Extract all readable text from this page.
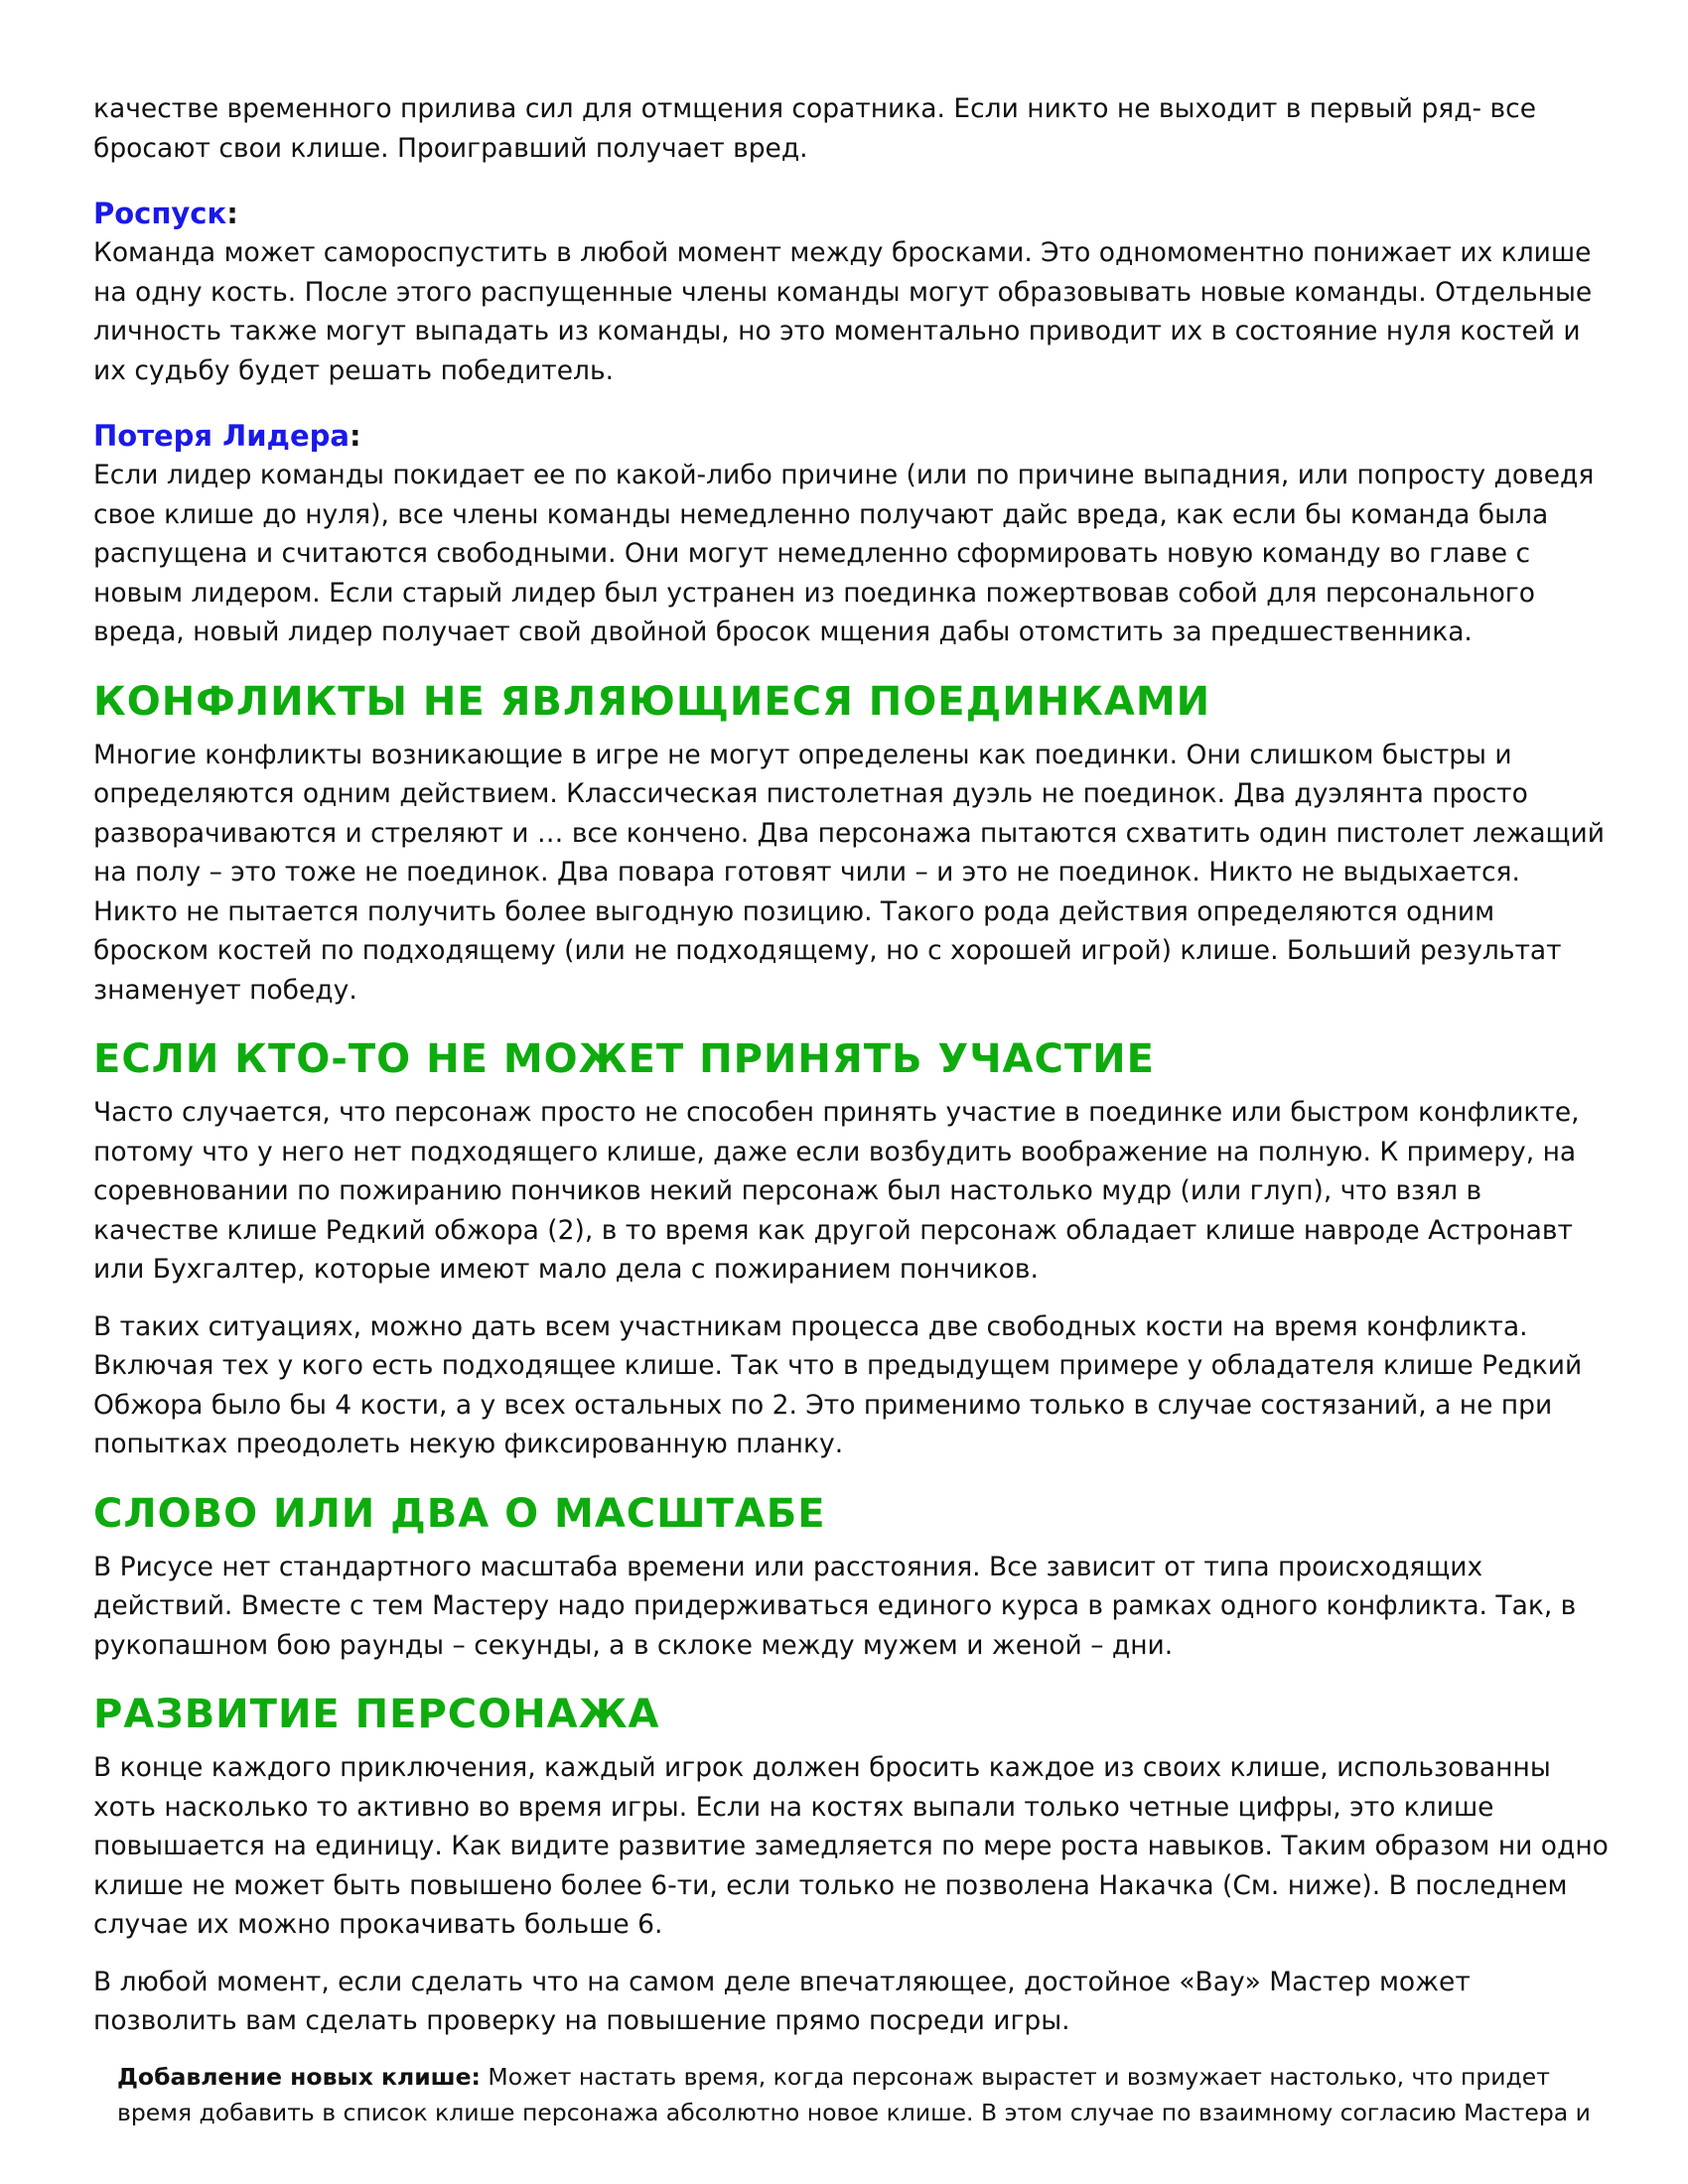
качестве временного прилива сил для отмщения соратника. Если никто не выходит в первый ряд- все бросают свои клише. Проигравший получает вред.

Роспуск:

Команда может самороспустить в любой момент между бросками. Это одномоментно понижает их клише на одну кость. После этого распущенные члены команды могут образовывать новые команды. Отдельные личность также могут выпадать из команды, но это моментально приводит их в состояние нуля костей и их судьбу будет решать победитель.

Потеря Лидера:

Если лидер команды покидает ее по какой-либо причине (или по причине выпадния, или попросту доведя свое клише до нуля), все члены команды немедленно получают дайс вреда, как если бы команда была распущена и считаются свободными. Они могут немедленно сформировать новую команду во главе с новым лидером. Если старый лидер был устранен из поединка пожертвовав собой для персонального вреда, новый лидер получает свой двойной бросок мщения дабы отомстить за предшественника.

КОНФЛИКТЫ НЕ ЯВЛЯЮЩИЕСЯ ПОЕДИНКАМИ

Многие конфликты возникающие в игре не могут определены как поединки. Они слишком быстры и определяются одним действием. Классическая пистолетная дуэль не поединок. Два дуэлянта просто разворачиваются и стреляют и … все кончено. Два персонажа пытаются схватить один пистолет лежащий на полу – это тоже не поединок. Два повара готовят чили – и это не поединок. Никто не выдыхается. Никто не пытается получить более выгодную позицию. Такого рода действия определяются одним броском костей по подходящему (или не подходящему, но с хорошей игрой) клише. Больший результат знаменует победу.

ЕСЛИ КТО-ТО НЕ МОЖЕТ ПРИНЯТЬ УЧАСТИЕ

Часто случается, что персонаж просто не способен принять участие в поединке или быстром конфликте, потому что у него нет подходящего клише, даже если возбудить воображение на полную. К примеру, на соревновании по пожиранию пончиков некий персонаж был настолько мудр (или глуп), что взял в качестве клише Редкий обжора (2), в то время как другой персонаж обладает клише навроде Астронавт или Бухгалтер, которые имеют мало дела с пожиранием пончиков.

В таких ситуациях, можно дать всем участникам процесса две свободных кости на время конфликта. Включая тех у кого есть подходящее клише. Так что в предыдущем примере у обладателя клише Редкий Обжора было бы 4 кости, а у всех остальных по 2. Это применимо только в случае состязаний, а не при попытках преодолеть некую фиксированную планку.

СЛОВО ИЛИ ДВА О МАСШТАБЕ

В Рисусе нет стандартного масштаба времени или расстояния. Все зависит от типа происходящих действий. Вместе с тем Мастеру надо придерживаться единого курса в рамках одного конфликта. Так, в рукопашном бою раунды – секунды, а в склоке между мужем и женой – дни.

РАЗВИТИЕ ПЕРСОНАЖА

В конце каждого приключения, каждый игрок должен бросить каждое из своих клише, использованны хоть насколько то активно во время игры. Если на костях выпали только четные цифры, это клише повышается на единицу. Как видите развитие замедляется по мере роста навыков. Таким образом ни одно клише не может быть повышено более 6-ти, если только не позволена Накачка (См. ниже). В последнем случае их можно прокачивать больше 6.

В любой момент, если сделать что на самом деле впечатляющее, достойное «Вау» Мастер может позволить вам сделать проверку на повышение прямо посреди игры.

Добавление новых клише: Может настать время, когда персонаж вырастет и возмужает настолько, что придет время добавить в список клише персонажа абсолютно новое клише. В этом случае по взаимному согласию Мастера и
